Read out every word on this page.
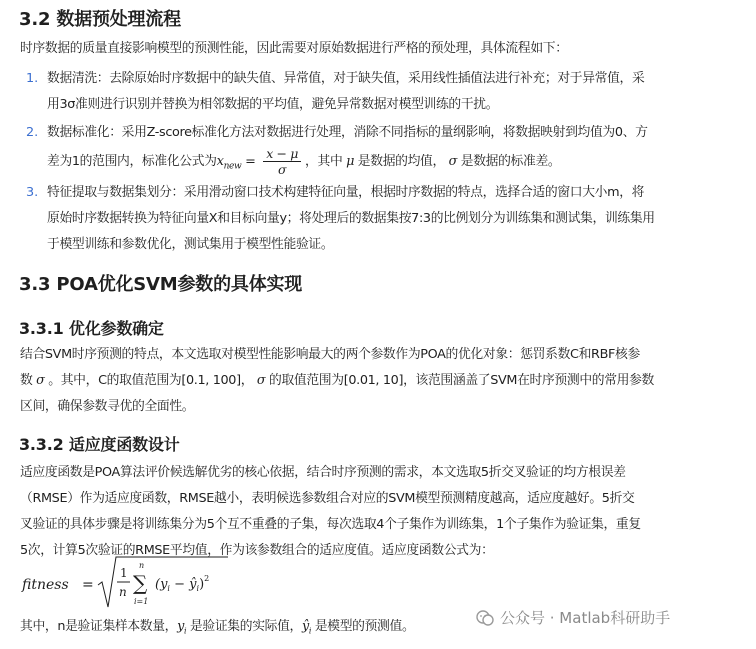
3.2 数据预处理流程
时序数据的质量直接影响模型的预测性能，因此需要对原始数据进行严格的预处理，具体流程如下：
1. 数据清洗：去除原始时序数据中的缺失值、异常值，对于缺失值，采用线性插值法进行补充；对于异常值，采
用3σ准则进行识别并替换为相邻数据的平均值，避免异常数据对模型训练的干扰。
2. 数据标准化：采用Z-score标准化方法对数据进行处理，消除不同指标的量纲影响，将数据映射到均值为0、方
差为1的范围内，标准化公式为$x_{new} = \frac{x - \mu}{\sigma}$ ，其中 μ 是数据的均值， σ 是数据的标准差。
3. 特征提取与数据集划分：采用滑动窗口技术构建特征向量，根据时序数据的特点，选择合适的窗口大小m，将
原始时序数据转换为特征向量X和目标向量y；将处理后的数据集按7:3的比例划分为训练集和测试集，训练集用
于模型训练和参数优化，测试集用于模型性能验证。
3.3 POA优化SVM参数的具体实现
3.3.1 优化参数确定
结合SVM时序预测的特点，本文选取对模型性能影响最大的两个参数作为POA的优化对象：惩罚系数C和RBF核参
数 σ 。其中，C的取值范围为[0.1, 100]， σ 的取值范围为[0.01, 10]，该范围涵盖了SVM在时序预测中的常用参数
区间，确保参数寻优的全面性。
3.3.2 适应度函数设计
适应度函数是POA算法评价候选解优劣的核心依据，结合时序预测的需求，本文选取5折交叉验证的均方根误差
（RMSE）作为适应度函数，RMSE越小，表明候选参数组合对应的SVM模型预测精度越高，适应度越好。5折交
叉验证的具体步骤是将训练集分为5个互不重叠的子集，每次选取4个子集作为训练集，1个子集作为验证集，重复
5次，计算5次验证的RMSE平均值，作为该参数组合的适应度值。适应度函数公式为：
fitness =
1
n
n
∑
i=1
($y_i$ − $ŷ_i)^2$
其中，n是验证集样本数量，$y_i$ 是验证集的实际值，$ŷ_i$ 是模型的预测值。	公众号 · Matlab科研助手
